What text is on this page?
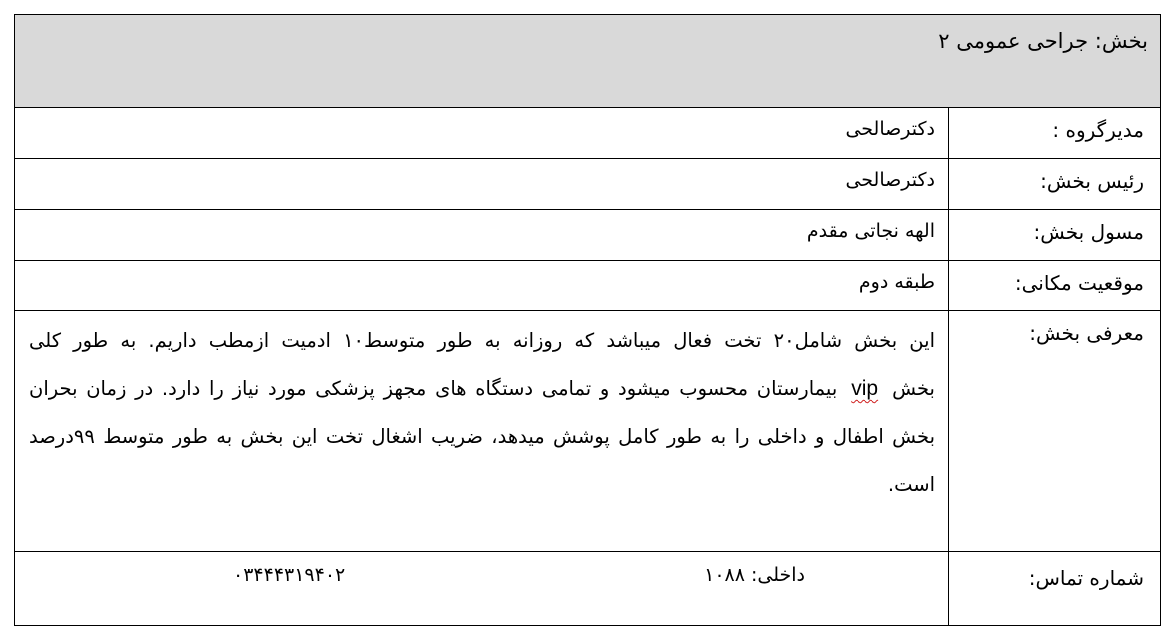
بخش: جراحی عمومی ۲
مدیرگروه :
دکترصالحی
رئیس بخش:
دکترصالحی
مسول بخش:
الهه نجاتی مقدم
موقعیت مکانی:
طبقه دوم
معرفی بخش:
این بخش شامل۲۰ تخت فعال میباشد که روزانه به طور متوسط۱۰ ادمیت ازمطب داریم. به طور کلی بخشvipبیمارستان محسوب میشود و تمامی دستگاه های مجهز پزشکی مورد نیاز را دارد. در زمان بحران بخش اطفال و داخلی را به طور کامل پوشش میدهد، ضریب اشغال تخت این بخش به طور متوسط ۹۹درصد است.
شماره تماس:
داخلی: ۱۰۸۸
۰۳۴۴۴۳۱۹۴۰۲
